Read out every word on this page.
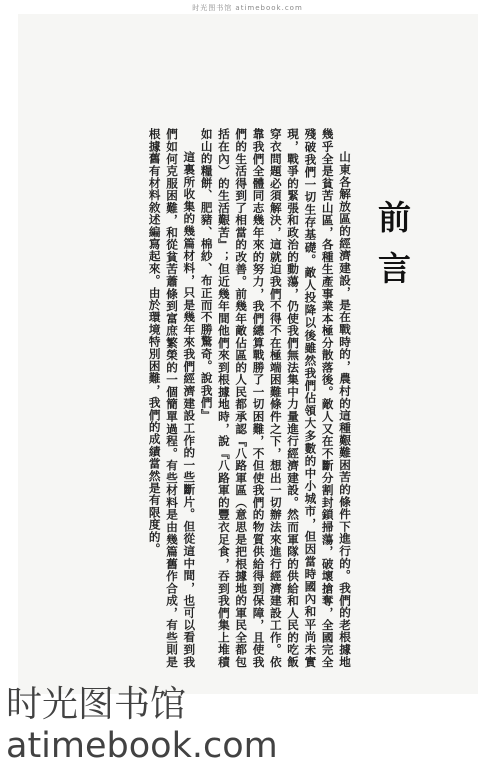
时光图书馆 atimebook.com
前言

山東各解放區的經濟建設，是在戰時的，農村的這種艱難困苦的條件下進行的。我們的老根據地幾乎全是貧苦山區，各種生產事業本極分散落後。敵人又在不斷分割封鎖掃蕩，破壞搶奪，全國完全殘破我們一切生存基礎。敵人投降以後雖然我們佔領大多數的中小城市，但因當時國內和平尚未實現，戰爭的緊張和政治的動蕩，仍使我們無法集中力量進行經濟建設。然而軍隊的供給和人民的吃飯穿衣問題必須解決，這就迫我們不得不在極端困難條件之下，想出一切辦法來進行經濟建設工作。依靠我們全體同志幾年來的努力，我們總算戰勝了一切困難，不但使我們的物質供給得到保障，且使我們的生活得到了相當的改善。前幾年敵佔區的人民都承認『八路軍區（意思是把根據地的軍民全都包括在內）的生活艱苦』；但近幾年間他們來到根據地時，說『八路軍的豐衣足食，吞到我們集上堆積如山的糧餅、肥豬、棉紗、布正而不勝驚奇。說我們』

這裏所收集的幾篇材料，只是幾年來我們經濟建設工作的一些斷片。但從這中間，也可以看到我們如何克服困難，和從貧苦蕭條到富庶繁榮的一個簡單過程。有些材料是由幾篇舊作合成，有些則是根據舊有材料敘述編寫起來。由於環境特別困難，我們的成績當然是有限度的。

时光图书馆
atimebook.com
